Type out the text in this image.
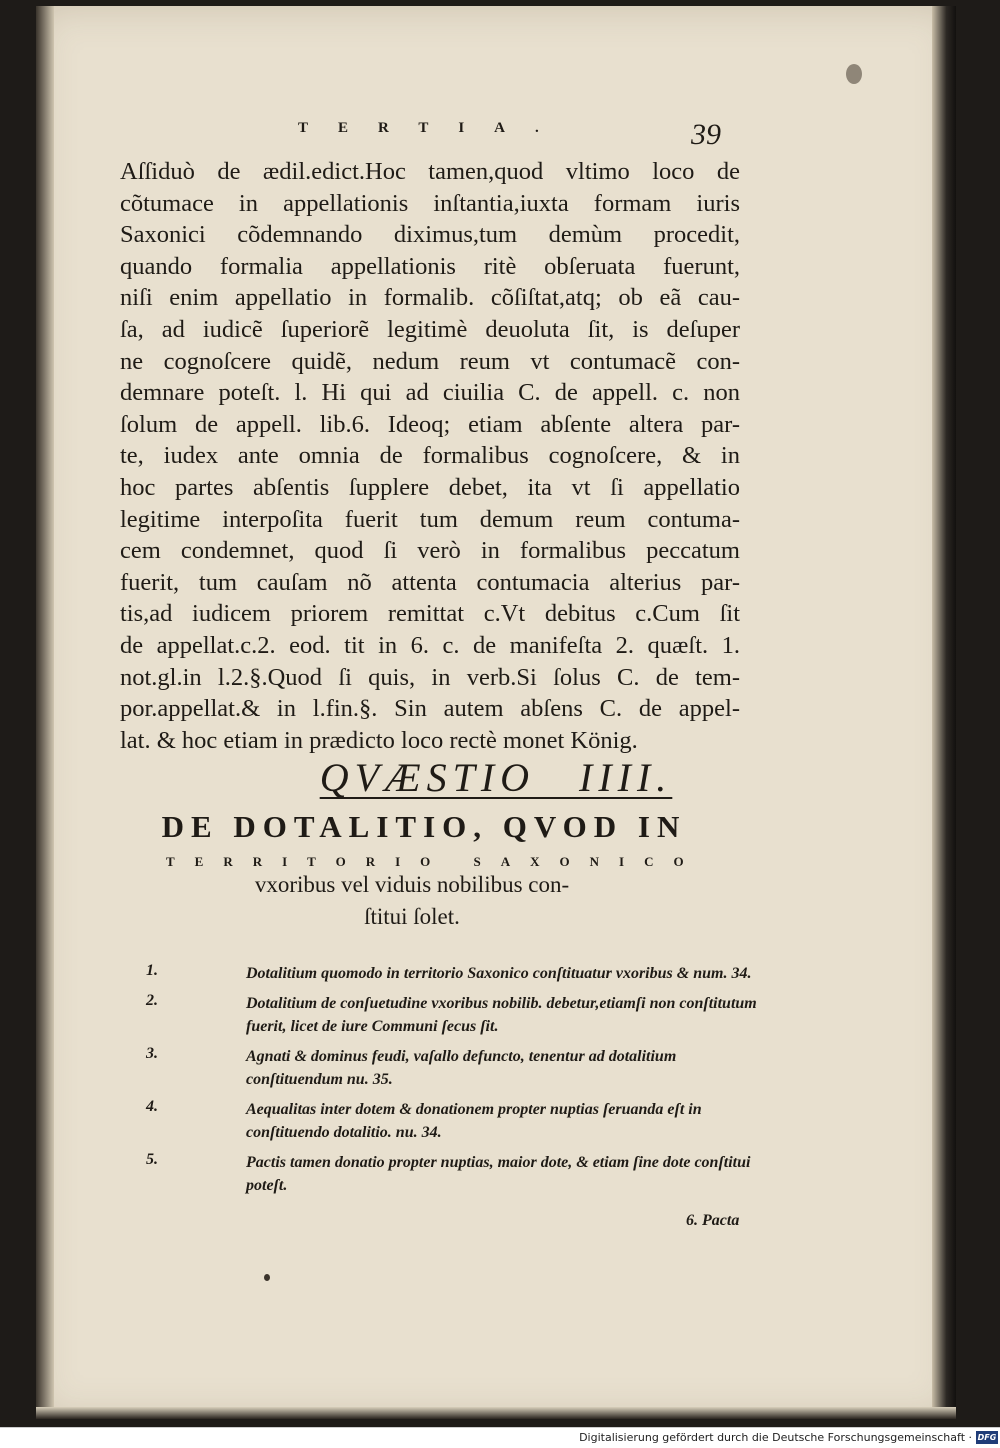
TERTIA.	39

Aſſiduò de ædil.edict.Hoc tamen,quod vltimo loco de
cõtumace in appellationis inſtantia,iuxta formam iuris
Saxonici cõdemnando diximus,tum demùm procedit,
quando formalia appellationis ritè obſeruata fuerunt,
niſi enim appellatio in formalib. cõſiſtat,atq; ob eã cau-
ſa, ad iudicẽ ſuperiorẽ legitimè deuoluta ſit, is deſuper
ne cognoſcere quidẽ, nedum reum vt contumacẽ con-
demnare poteſt. l. Hi qui ad ciuilia C. de appell. c. non
ſolum de appell. lib.6. Ideoq; etiam abſente altera par-
te, iudex ante omnia de formalibus cognoſcere, & in
hoc partes abſentis ſupplere debet, ita vt ſi appellatio
legitime interpoſita fuerit tum demum reum contuma-
cem condemnet, quod ſi verò in formalibus peccatum
fuerit, tum cauſam nõ attenta contumacia alterius par-
tis,ad iudicem priorem remittat c.Vt debitus c.Cum ſit
de appellat.c.2. eod. tit in 6. c. de manifeſta 2. quæſt. 1.
not.gl.in l.2.§.Quod ſi quis, in verb.Si ſolus C. de tem-
por.appellat.& in l.fin.§. Sin autem abſens C. de appel-
lat. & hoc etiam in prædicto loco rectè monet König.

QVÆSTIO IIII.

DE DOTALITIO, QVOD IN

TERRITORIO SAXONICO

vxoribus vel viduis nobilibus con-
ſtitui ſolet.

1.	Dotalitium quomodo in territorio Saxonico conſtituatur vxoribus & num. 34.
2.	Dotalitium de conſuetudine vxoribus nobilib. debetur,etiamſi non conſtitutum fuerit, licet de iure Communi ſecus ſit.
3.	Agnati & dominus feudi, vaſallo defuncto, tenentur ad dotalitium conſtituendum nu. 35.
4.	Aequalitas inter dotem & donationem propter nuptias ſeruanda eſt in conſtituendo dotalitio. nu. 34.
5.	Pactis tamen donatio propter nuptias, maior dote, & etiam ſine dote conſtitui poteſt.

6. Pacta

Digitalisierung gefördert durch die Deutsche Forschungsgemeinschaft · DFG
